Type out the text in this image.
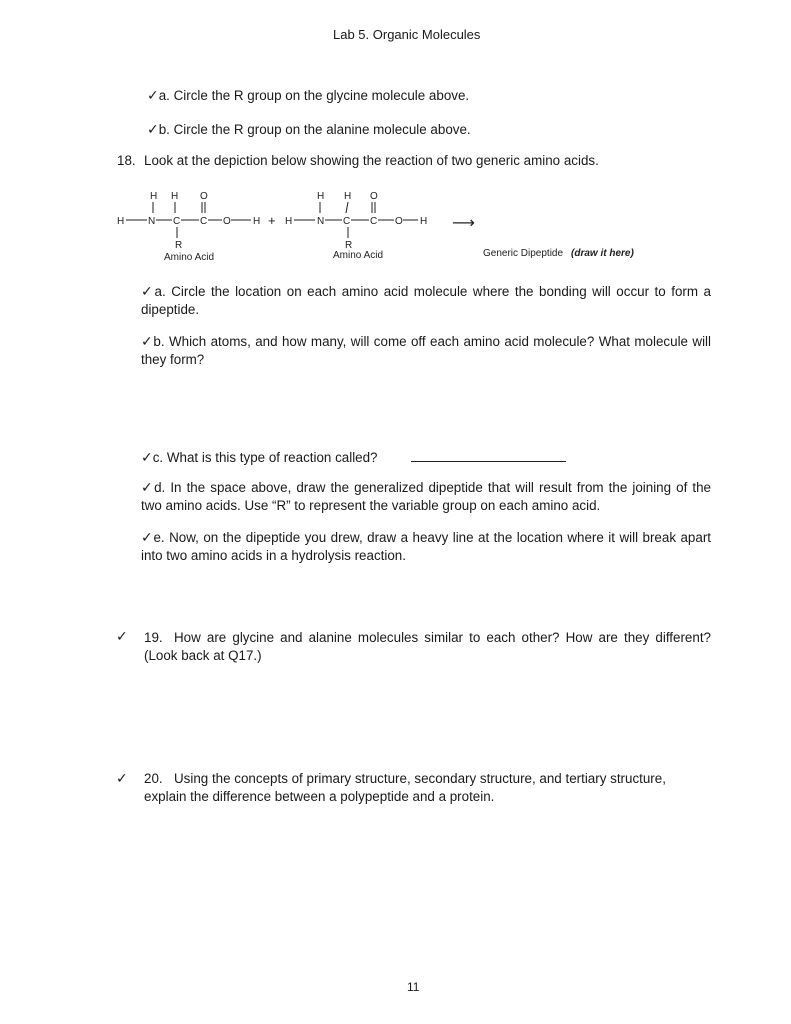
Lab 5. Organic Molecules
✓a. Circle the R group on the glycine molecule above.
✓b. Circle the R group on the alanine molecule above.
18. Look at the depiction below showing the reaction of two generic amino acids.
H H O
H N C C O H
R
+
H H O
H N C C O H
R
⟶
Amino Acid	Amino Acid	Generic Dipeptide (draw it here)
✓a. Circle the location on each amino acid molecule where the bonding will occur to form a dipeptide.
✓b. Which atoms, and how many, will come off each amino acid molecule? What molecule will they form?
✓c. What is this type of reaction called?
✓d. In the space above, draw the generalized dipeptide that will result from the joining of the two amino acids. Use “R” to represent the variable group on each amino acid.
✓e. Now, on the dipeptide you drew, draw a heavy line at the location where it will break apart into two amino acids in a hydrolysis reaction.
✓ 19. How are glycine and alanine molecules similar to each other? How are they different? (Look back at Q17.)
✓ 20. Using the concepts of primary structure, secondary structure, and tertiary structure, explain the difference between a polypeptide and a protein.
11
